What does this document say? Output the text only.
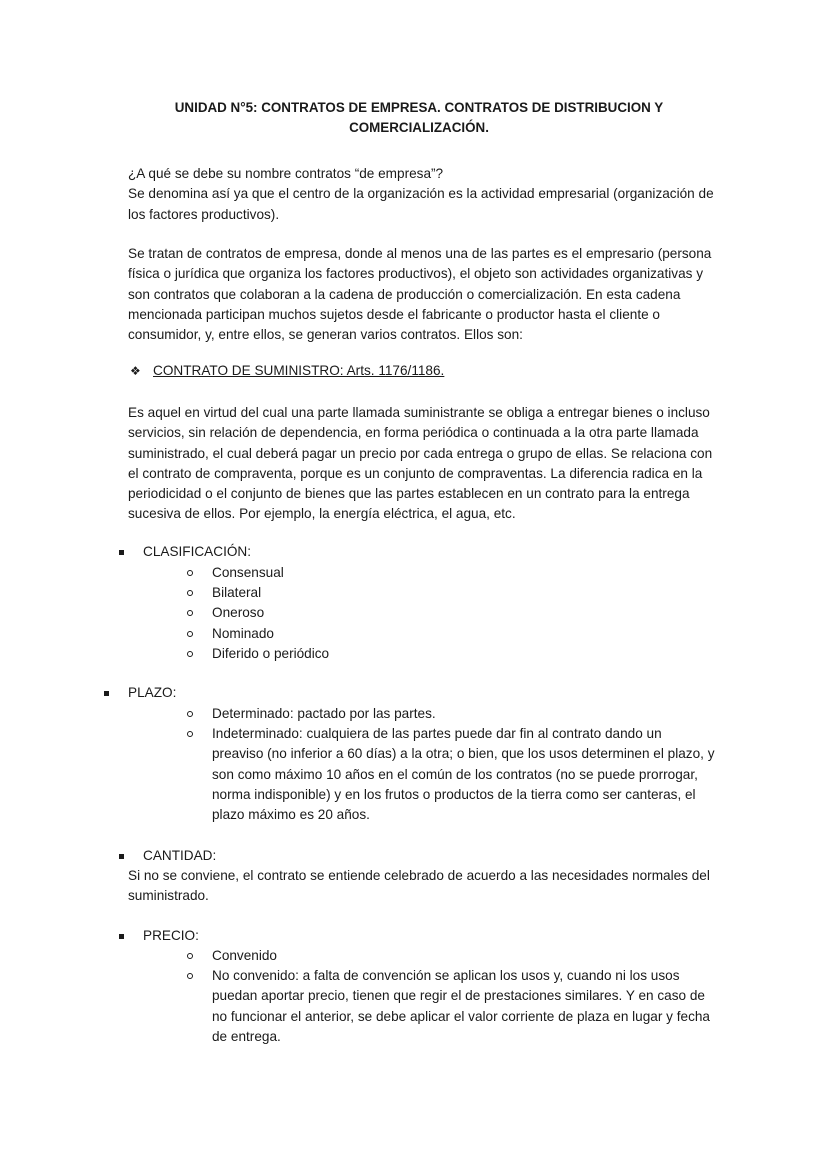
UNIDAD N°5: CONTRATOS DE EMPRESA. CONTRATOS DE DISTRIBUCION Y
COMERCIALIZACIÓN.

¿A qué se debe su nombre contratos “de empresa”?

Se denomina así ya que el centro de la organización es la actividad empresarial (organización de los factores productivos).

Se tratan de contratos de empresa, donde al menos una de las partes es el empresario (persona física o jurídica que organiza los factores productivos), el objeto son actividades organizativas y son contratos que colaboran a la cadena de producción o comercialización. En esta cadena mencionada participan muchos sujetos desde el fabricante o productor hasta el cliente o consumidor, y, entre ellos, se generan varios contratos. Ellos son:

❖ CONTRATO DE SUMINISTRO: Arts. 1176/1186.

Es aquel en virtud del cual una parte llamada suministrante se obliga a entregar bienes o incluso servicios, sin relación de dependencia, en forma periódica o continuada a la otra parte llamada suministrado, el cual deberá pagar un precio por cada entrega o grupo de ellas. Se relaciona con el contrato de compraventa, porque es un conjunto de compraventas. La diferencia radica en la periodicidad o el conjunto de bienes que las partes establecen en un contrato para la entrega sucesiva de ellos. Por ejemplo, la energía eléctrica, el agua, etc.

CLASIFICACIÓN:
Consensual
Bilateral
Oneroso
Nominado
Diferido o periódico
PLAZO:
Determinado: pactado por las partes.
Indeterminado: cualquiera de las partes puede dar fin al contrato dando un preaviso (no inferior a 60 días) a la otra; o bien, que los usos determinen el plazo, y son como máximo 10 años en el común de los contratos (no se puede prorrogar, norma indisponible) y en los frutos o productos de la tierra como ser canteras, el plazo máximo es 20 años.
CANTIDAD:

Si no se conviene, el contrato se entiende celebrado de acuerdo a las necesidades normales del suministrado.

PRECIO:
Convenido
No convenido: a falta de convención se aplican los usos y, cuando ni los usos puedan aportar precio, tienen que regir el de prestaciones similares. Y en caso de no funcionar el anterior, se debe aplicar el valor corriente de plaza en lugar y fecha de entrega.
